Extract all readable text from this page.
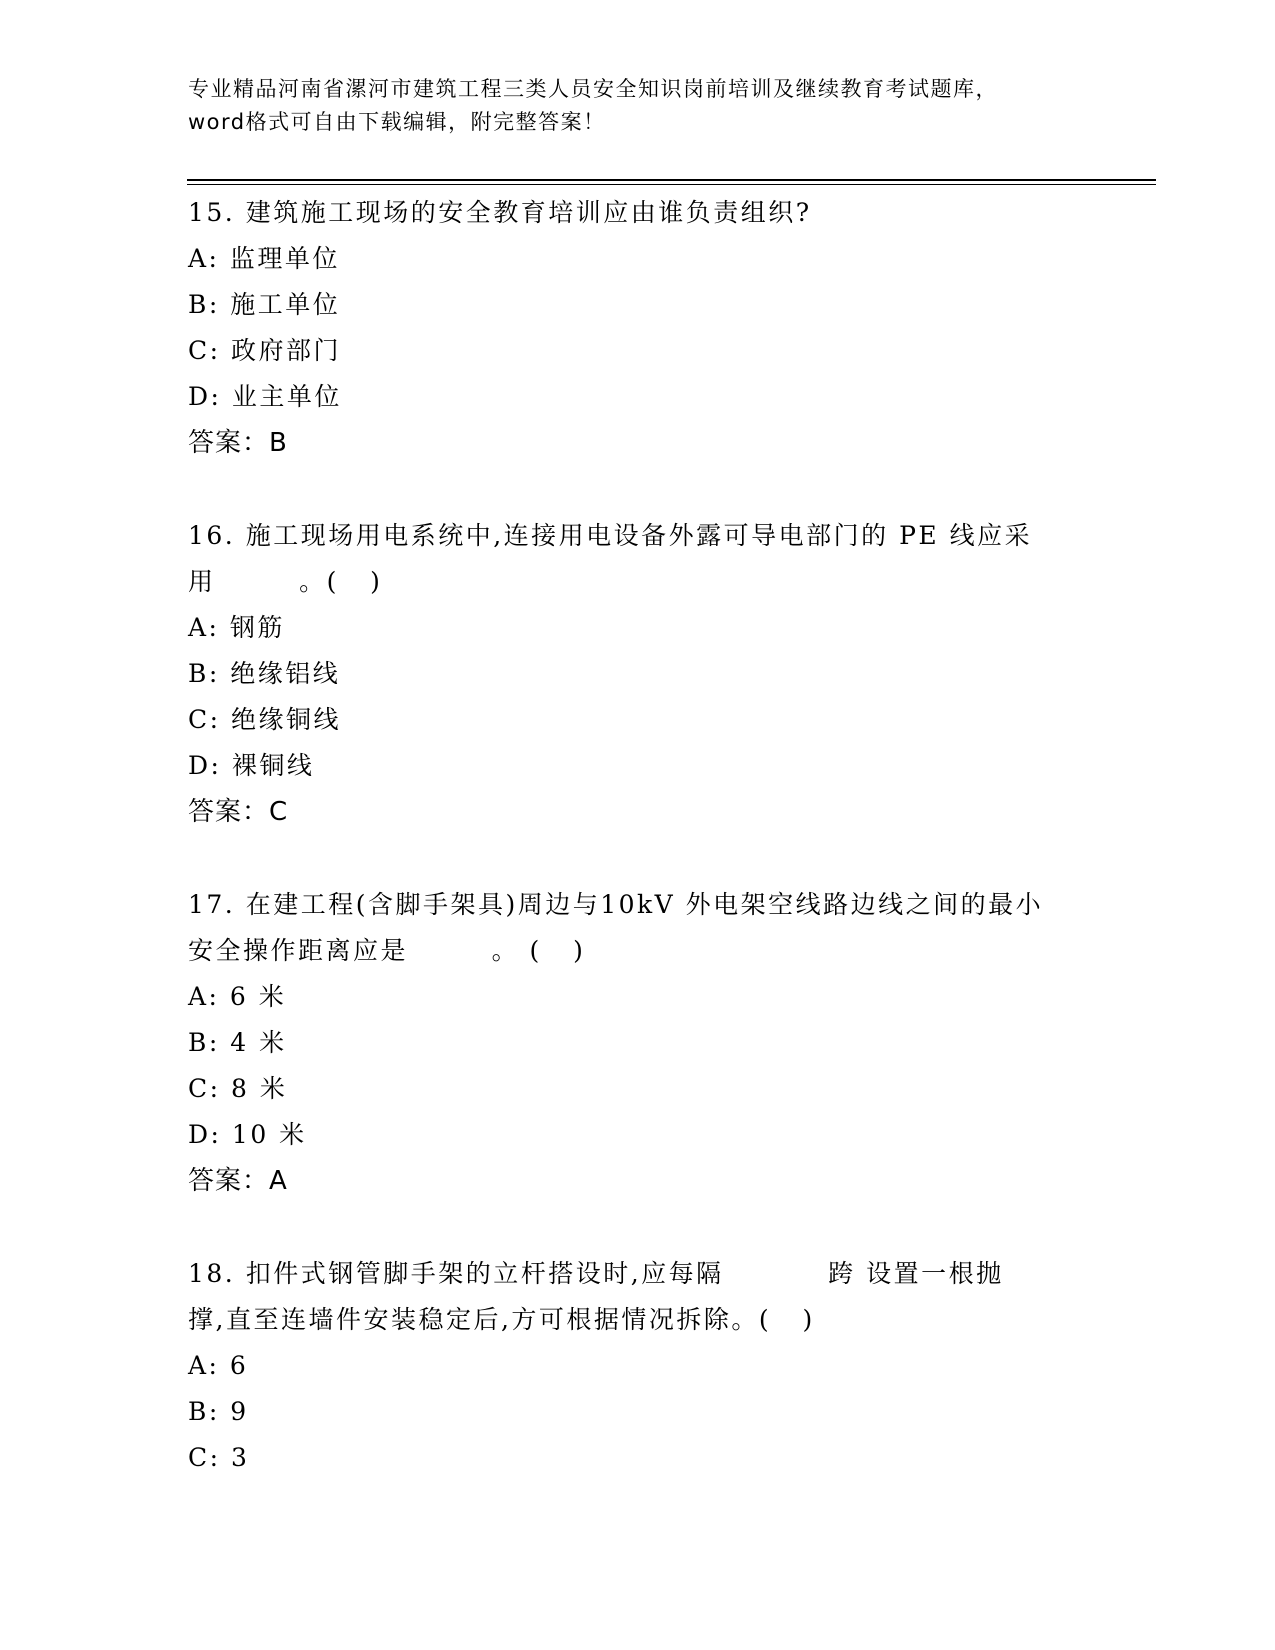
专业精品河南省漯河市建筑工程三类人员安全知识岗前培训及继续教育考试题库，
word格式可自由下载编辑，附完整答案！
15. 建筑施工现场的安全教育培训应由谁负责组织?
A: 监理单位
B: 施工单位
C: 政府部门
D: 业主单位
答案：B
16. 施工现场用电系统中,连接用电设备外露可导电部门的 PE 线应采
用        。(   )
A: 钢筋
B: 绝缘铝线
C: 绝缘铜线
D: 裸铜线
答案：C
17. 在建工程(含脚手架具)周边与10kV 外电架空线路边线之间的最小
安全操作距离应是        。 (   )
A: 6 米
B: 4 米
C: 8 米
D: 10 米
答案：A
18. 扣件式钢管脚手架的立杆搭设时,应每隔          跨 设置一根抛
撑,直至连墙件安装稳定后,方可根据情况拆除。(   )
A: 6
B: 9
C: 3
